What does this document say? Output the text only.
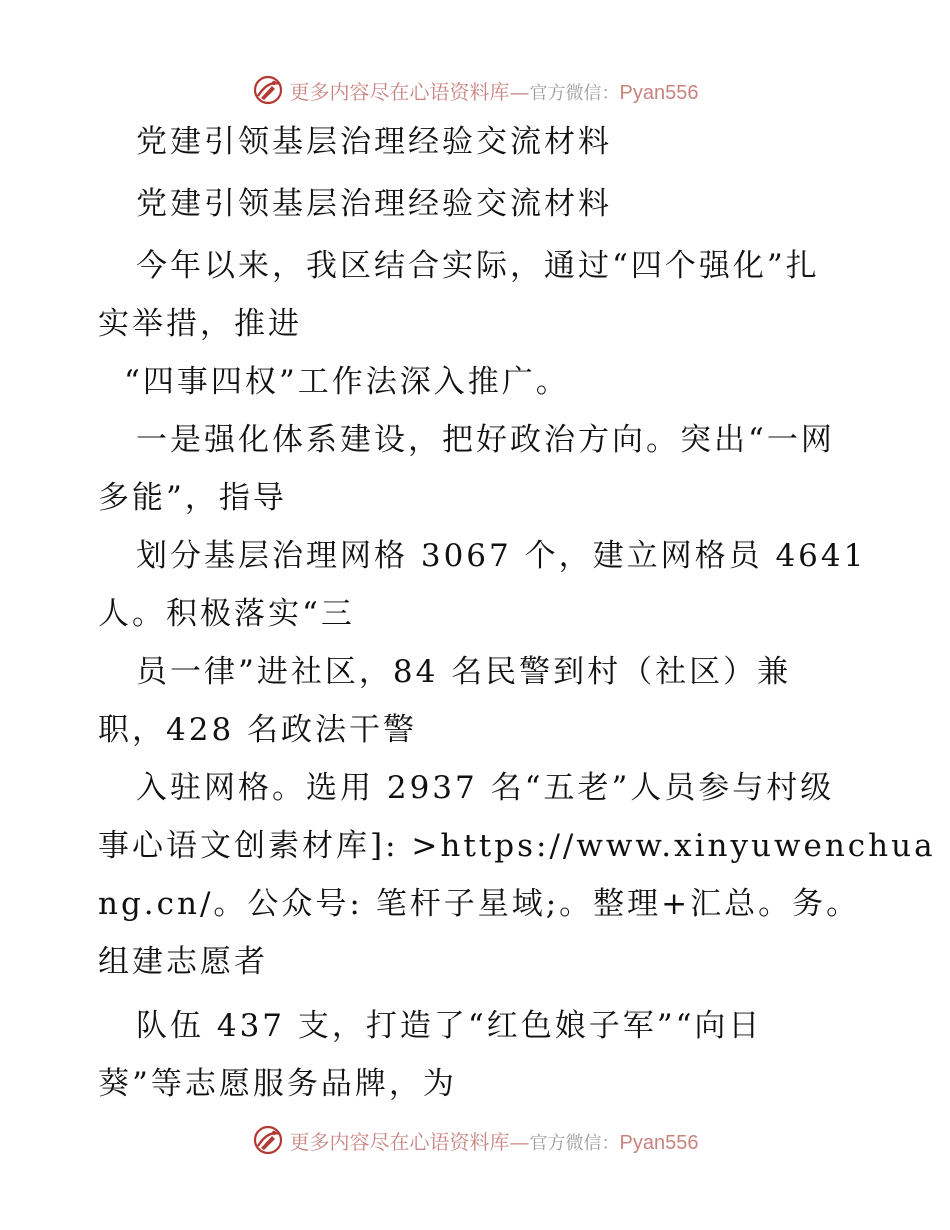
更多内容尽在心语资料库—官方微信：Pyan556
党建引领基层治理经验交流材料
党建引领基层治理经验交流材料
今年以来，我区结合实际，通过“四个强化”扎
实举措，推进
“四事四权”工作法深入推广。
一是强化体系建设，把好政治方向。突出“一网
多能”，指导
划分基层治理网格 3067 个，建立网格员 4641
人。积极落实“三
员一律”进社区，84 名民警到村（社区）兼
职，428 名政法干警
入驻网格。选用 2937 名“五老”人员参与村级
事心语文创素材库]: >https://www.xinyuwenchua
ng.cn/。公众号: 笔杆子星域;。整理+汇总。务。
组建志愿者
队伍 437 支，打造了“红色娘子军”“向日
葵”等志愿服务品牌，为
更多内容尽在心语资料库—官方微信：Pyan556
